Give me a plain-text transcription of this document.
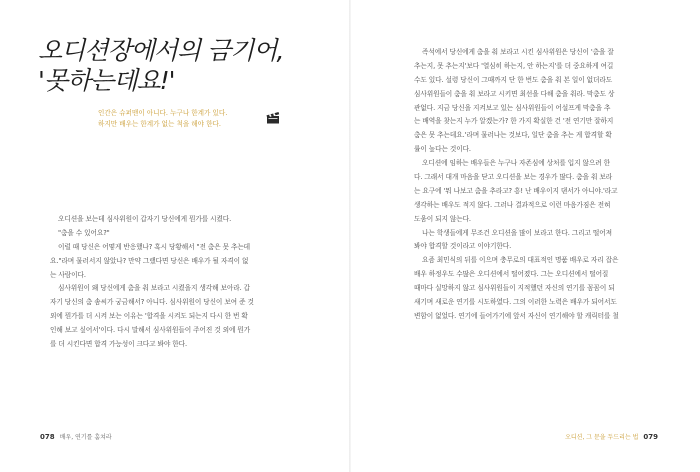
오디션장에서의 금기어,
'못하는데요!'
인간은 슈퍼맨이 아니다. 누구나 한계가 있다.
하지만 배우는 한계가 없는 척을 해야 한다.
오디션을 보는데 심사위원이 갑자기 당신에게 뭔가를 시켰다.
"춤을 수 있어요?"
이럴 때 당신은 어떻게 반응했나? 혹시 당황해서 "전 춤은 못 추는데
요."라며 물러서지 않았나? 만약 그랬다면 당신은 배우가 될 자격이 없
는 사람이다.
심사위원이 왜 당신에게 춤을 춰 보라고 시켰을지 생각해 보아라. 갑
자기 당신의 춤 솜씨가 궁금해서? 아니다. 심사위원이 당신이 보여 준 것
외에 뭔가를 더 시켜 보는 이유는 '합격을 시켜도 되는지 다시 한 번 확
인해 보고 싶어서'이다. 다시 말해서 심사위원들이 주어진 것 외에 뭔가
를 더 시킨다면 합격 가능성이 크다고 봐야 한다.
078 배우, 연기를 훔쳐라
즉석에서 당신에게 춤을 춰 보라고 시킨 심사위원은 당신이 '춤을 잘
추는지, 못 추는지'보다 '열심히 하는지, 안 하는지'를 더 중요하게 여길
수도 있다. 설령 당신이 그때까지 단 한 번도 춤을 춰 본 일이 없더라도
심사위원들이 춤을 춰 보라고 시키면 최선을 다해 춤을 춰라. 막춤도 상
관없다. 지금 당신을 지켜보고 있는 심사위원들이 어설프게 막춤을 추
는 배역을 찾는지 누가 알겠는가? 한 가지 확실한 건 '전 연기만 잘하지
춤은 못 추는데요.'라며 물러나는 것보다, 일단 춤을 추는 게 합격할 확
률이 높다는 것이다.
오디션에 임하는 배우들은 누구나 자존심에 상처를 입지 않으려 한
다. 그래서 대개 마음을 닫고 오디션을 보는 경우가 많다. 춤을 춰 보라
는 요구에 '뭐 나보고 춤을 추라고? 흥! 난 배우이지 댄서가 아니야.'라고
생각하는 배우도 적지 않다. 그러나 결과적으로 이런 마음가짐은 전혀
도움이 되지 않는다.
나는 학생들에게 무조건 오디션을 많이 보라고 한다. 그리고 떨어져
봐야 합격할 것이라고 이야기한다.
요즘 최민식의 뒤를 이으며 충무로의 대표적인 명품 배우로 자리 잡은
배우 하정우도 수많은 오디션에서 떨어졌다. 그는 오디션에서 떨어질
때마다 실망하지 않고 심사위원들이 지적했던 자신의 연기를 꼼꼼이 되
새기며 새로운 연기를 시도하였다. 그의 이러한 노력은 배우가 되어서도
변함이 없었다. 연기에 들어가기에 앞서 자신이 연기해야 할 캐릭터를 철
오디션, 그 문을 두드리는 법 079
